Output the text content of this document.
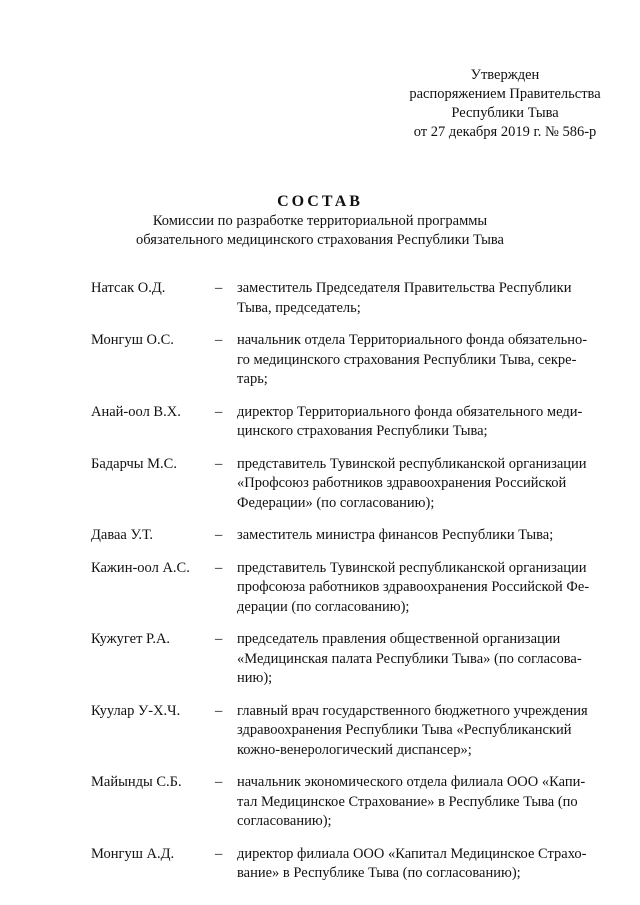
Утвержден
распоряжением Правительства
Республики Тыва
от 27 декабря 2019 г. № 586-р
СОСТАВ
Комиссии по разработке территориальной программы
обязательного медицинского страхования Республики Тыва
Натсак О.Д.	–	заместитель Председателя Правительства Республики
Тыва, председатель;
Монгуш О.С.	–	начальник отдела Территориального фонда обязательно-
го медицинского страхования Республики Тыва, секре-
тарь;
Анай-оол В.Х.	–	директор Территориального фонда обязательного меди-
цинского страхования Республики Тыва;
Бадарчы М.С.	–	представитель Тувинской республиканской организации
«Профсоюз работников здравоохранения Российской
Федерации» (по согласованию);
Даваа У.Т.	–	заместитель министра финансов Республики Тыва;
Кажин-оол А.С.	–	представитель Тувинской республиканской организации
профсоюза работников здравоохранения Российской Фе-
дерации (по согласованию);
Кужугет Р.А.	–	председатель правления общественной организации
«Медицинская палата Республики Тыва» (по согласова-
нию);
Куулар У-Х.Ч.	–	главный врач государственного бюджетного учреждения
здравоохранения Республики Тыва «Республиканский
кожно-венерологический диспансер»;
Майынды С.Б.	–	начальник экономического отдела филиала ООО «Капи-
тал Медицинское Страхование» в Республике Тыва (по
согласованию);
Монгуш А.Д.	–	директор филиала ООО «Капитал Медицинское Страхо-
вание» в Республике Тыва (по согласованию);
